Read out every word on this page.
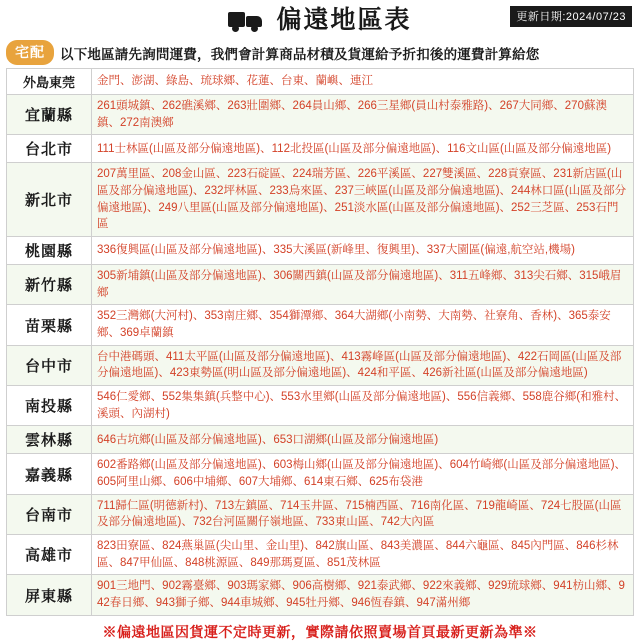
偏遠地區表	更新日期:2024/07/23
宅配	以下地區請先詢問運費，我們會計算商品材積及貨運給予折扣後的運費計算給您
外島東莞	金門、澎湖、綠島、琉球鄉、花蓮、台東、蘭嶼、連江
宜蘭縣	261頭城鎮、262礁溪鄉、263壯圍鄉、264員山鄉、266三星鄉(員山村泰雅路)、267大同鄉、270蘇澳鎮、272南澳鄉
台北市	111士林區(山區及部分偏遠地區)、112北投區(山區及部分偏遠地區)、116文山區(山區及部分偏遠地區)
新北市	207萬里區、208金山區、223石碇區、224瑞芳區、226平溪區、227雙溪區、228貢寮區、231新店區(山區及部分偏遠地區)、232坪林區、233烏來區、237三峽區(山區及部分偏遠地區)、244林口區(山區及部分偏遠地區)、249八里區(山區及部分偏遠地區)、251淡水區(山區及部分偏遠地區)、252三芝區、253石門區
桃園縣	336復興區(山區及部分偏遠地區)、335大溪區(新峰里、復興里)、337大園區(偏遠,航空站,機場)
新竹縣	305新埔鎮(山區及部分偏遠地區)、306關西鎮(山區及部分偏遠地區)、311五峰鄉、313尖石鄉、315峨眉鄉
苗栗縣	352三灣鄉(大河村)、353南庄鄉、354獅潭鄉、364大湖鄉(小南勢、大南勢、社寮角、香林)、365泰安鄉、369卓蘭鎮
台中市	台中港碼頭、411太平區(山區及部分偏遠地區)、413霧峰區(山區及部分偏遠地區)、422石岡區(山區及部分偏遠地區)、423東勢區(明山區及部分偏遠地區)、424和平區、426新社區(山區及部分偏遠地區)
南投縣	546仁愛鄉、552集集鎮(兵整中心)、553水里鄉(山區及部分偏遠地區)、556信義鄉、558鹿谷鄉(和雅村、溪頭、內湖村)
雲林縣	646古坑鄉(山區及部分偏遠地區)、653口湖鄉(山區及部分偏遠地區)
嘉義縣	602番路鄉(山區及部分偏遠地區)、603梅山鄉(山區及部分偏遠地區)、604竹崎鄉(山區及部分偏遠地區)、605阿里山鄉、606中埔鄉、607大埔鄉、614東石鄉、625布袋港
台南市	711歸仁區(明德新村)、713左鎮區、714玉井區、715楠西區、716南化區、719龍崎區、724七股區(山區及部分偏遠地區)、732台河區關仔嶺地區、733東山區、742大內區
高雄市	823田寮區、824燕巢區(尖山里、金山里)、842旗山區、843美濃區、844六龜區、845內門區、846杉林區、847甲仙區、848桃源區、849那瑪夏區、851茂林區
屏東縣	901三地門、902霧臺鄉、903瑪家鄉、906高樹鄉、921泰武鄉、922來義鄉、929琉球鄉、941枋山鄉、942春日鄉、943獅子鄉、944車城鄉、945牡丹鄉、946恆春鎮、947滿州鄉
※偏遠地區因貨運不定時更新，實際請依照賣場首頁最新更新為準※
